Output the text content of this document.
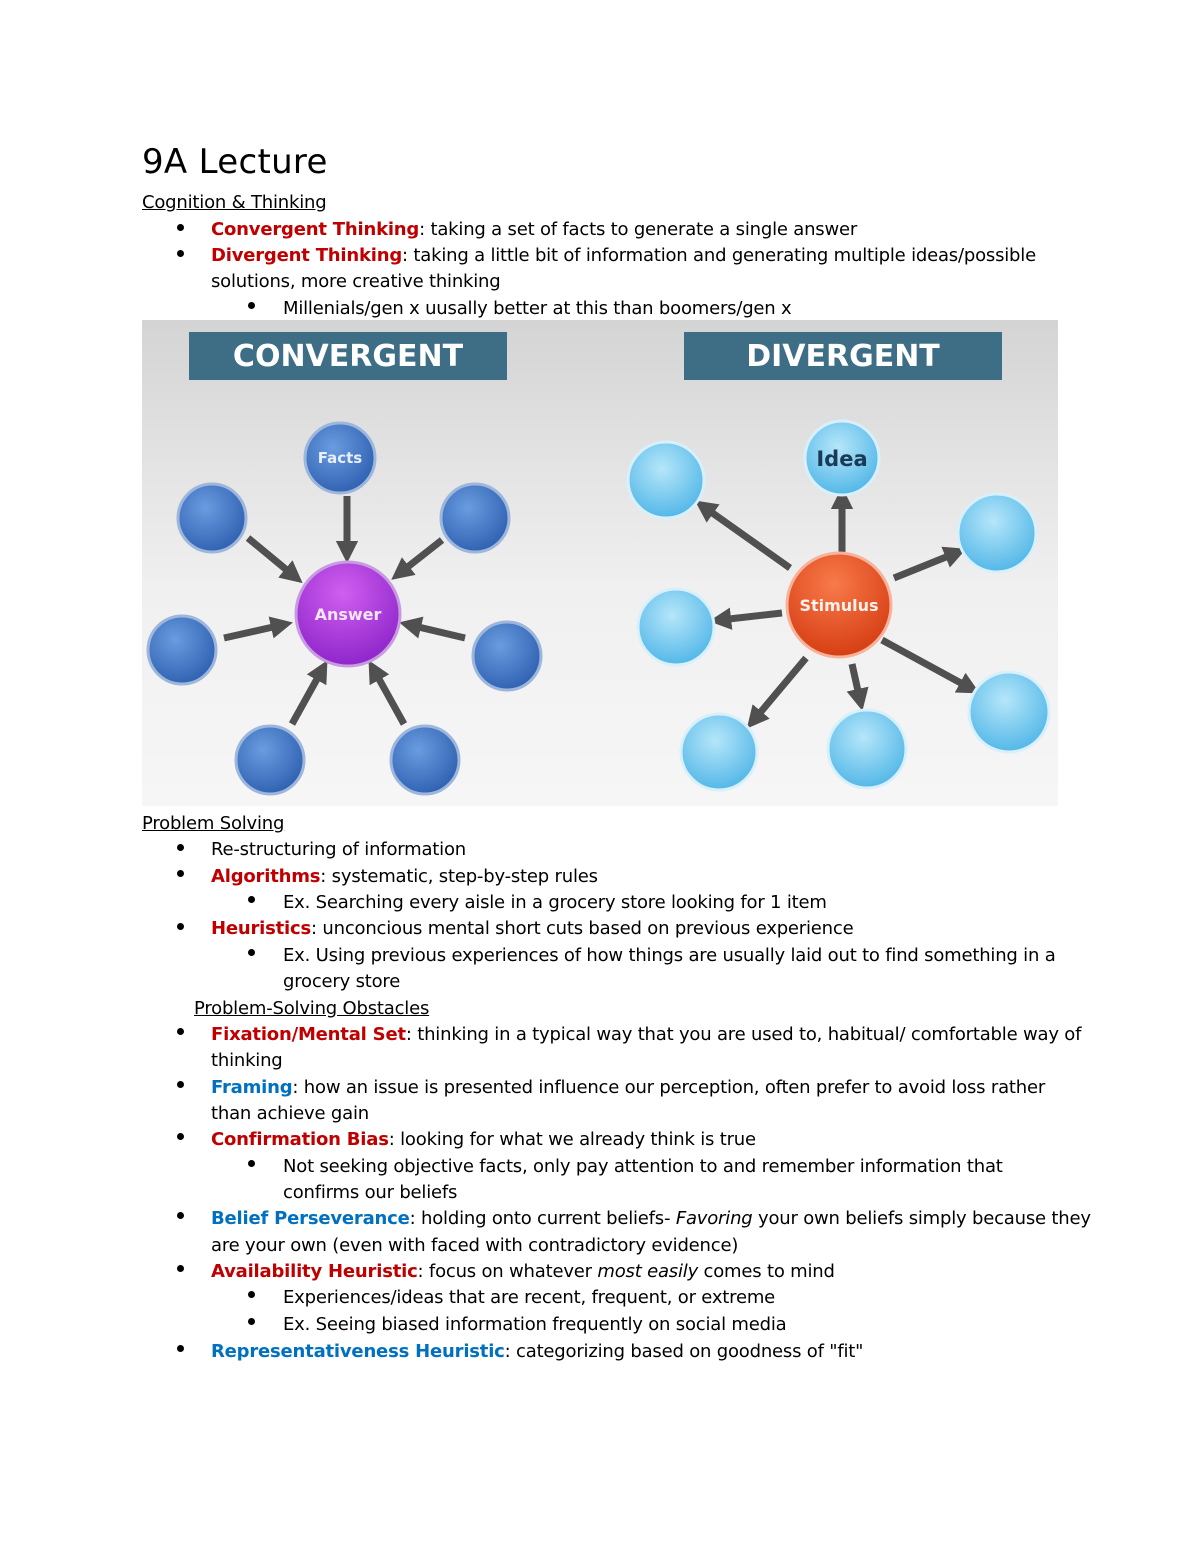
9A Lecture
Cognition & Thinking
Convergent Thinking: taking a set of facts to generate a single answer
Divergent Thinking: taking a little bit of information and generating multiple ideas/possible
solutions, more creative thinking
Millenials/gen x uusally better at this than boomers/gen x
CONVERGENT	DIVERGENT
Facts
Answer
Idea
Stimulus
Problem Solving
Re-structuring of information
Algorithms: systematic, step-by-step rules
Ex. Searching every aisle in a grocery store looking for 1 item
Heuristics: unconcious mental short cuts based on previous experience
Ex. Using previous experiences of how things are usually laid out to find something in a
grocery store
Problem-Solving Obstacles
Fixation/Mental Set: thinking in a typical way that you are used to, habitual/ comfortable way of
thinking
Framing: how an issue is presented influence our perception, often prefer to avoid loss rather
than achieve gain
Confirmation Bias: looking for what we already think is true
Not seeking objective facts, only pay attention to and remember information that
confirms our beliefs
Belief Perseverance: holding onto current beliefs- Favoring your own beliefs simply because they
are your own (even with faced with contradictory evidence)
Availability Heuristic: focus on whatever most easily comes to mind
Experiences/ideas that are recent, frequent, or extreme
Ex. Seeing biased information frequently on social media
Representativeness Heuristic: categorizing based on goodness of "fit"
